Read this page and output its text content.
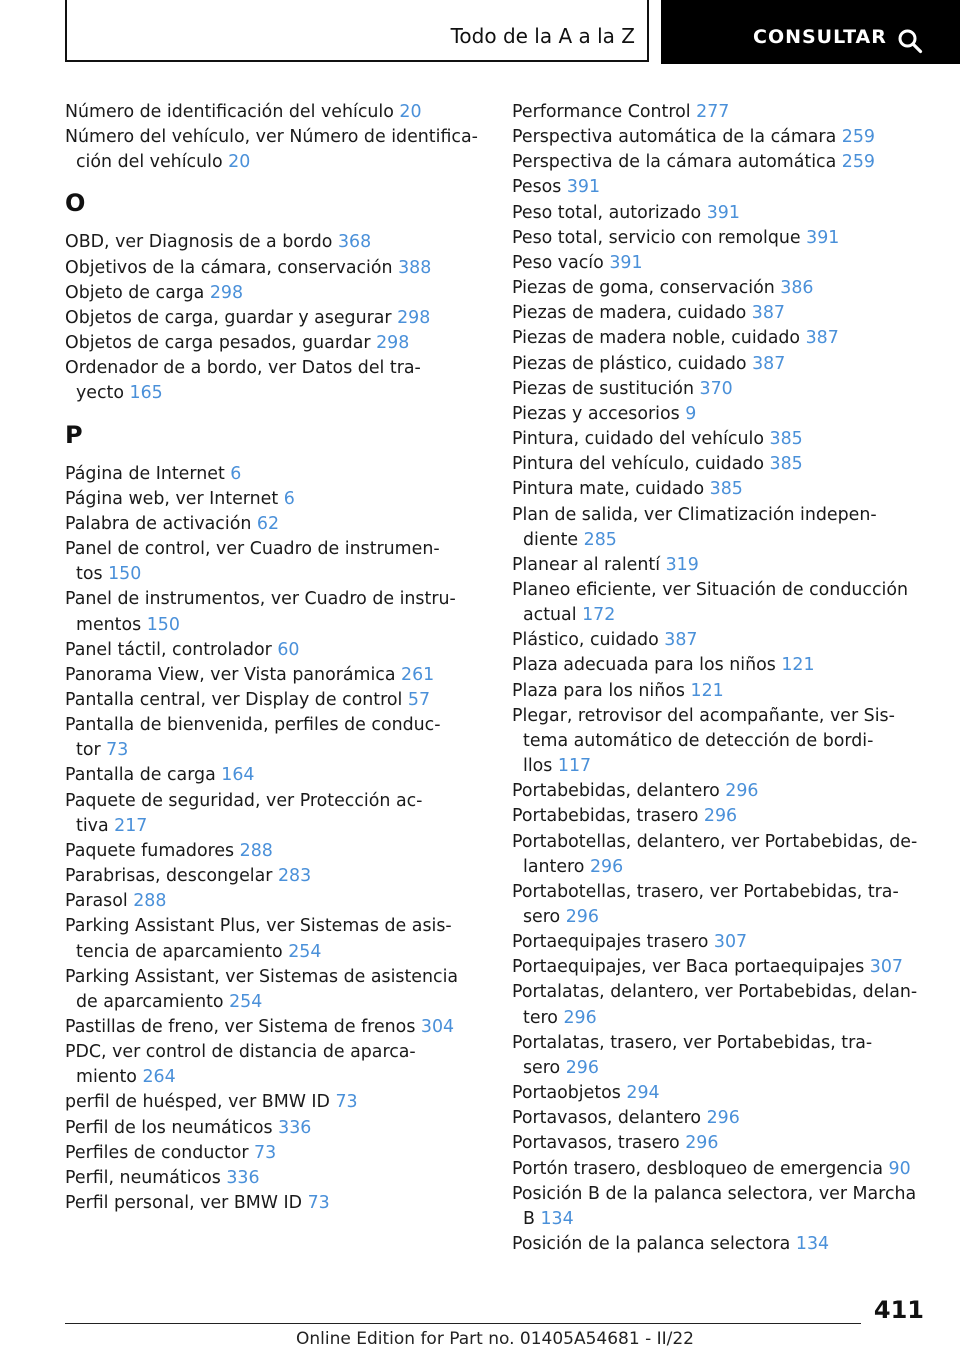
Todo de la A a la Z	CONSULTAR
Número de identificación del vehículo 20
Número del vehículo, ver Número de identifica‐
ción del vehículo 20
O
OBD, ver Diagnosis de a bordo 368
Objetivos de la cámara, conservación 388
Objeto de carga 298
Objetos de carga, guardar y asegurar 298
Objetos de carga pesados, guardar 298
Ordenador de a bordo, ver Datos del tra‐
yecto 165
P
Página de Internet 6
Página web, ver Internet 6
Palabra de activación 62
Panel de control, ver Cuadro de instrumen‐
tos 150
Panel de instrumentos, ver Cuadro de instru‐
mentos 150
Panel táctil, controlador 60
Panorama View, ver Vista panorámica 261
Pantalla central, ver Display de control 57
Pantalla de bienvenida, perfiles de conduc‐
tor 73
Pantalla de carga 164
Paquete de seguridad, ver Protección ac‐
tiva 217
Paquete fumadores 288
Parabrisas, descongelar 283
Parasol 288
Parking Assistant Plus, ver Sistemas de asis‐
tencia de aparcamiento 254
Parking Assistant, ver Sistemas de asistencia
de aparcamiento 254
Pastillas de freno, ver Sistema de frenos 304
PDC, ver control de distancia de aparca‐
miento 264
perfil de huésped, ver BMW ID 73
Perfil de los neumáticos 336
Perfiles de conductor 73
Perfil, neumáticos 336
Perfil personal, ver BMW ID 73
Performance Control 277
Perspectiva automática de la cámara 259
Perspectiva de la cámara automática 259
Pesos 391
Peso total, autorizado 391
Peso total, servicio con remolque 391
Peso vacío 391
Piezas de goma, conservación 386
Piezas de madera, cuidado 387
Piezas de madera noble, cuidado 387
Piezas de plástico, cuidado 387
Piezas de sustitución 370
Piezas y accesorios 9
Pintura, cuidado del vehículo 385
Pintura del vehículo, cuidado 385
Pintura mate, cuidado 385
Plan de salida, ver Climatización indepen‐
diente 285
Planear al ralentí 319
Planeo eficiente, ver Situación de conducción
actual 172
Plástico, cuidado 387
Plaza adecuada para los niños 121
Plaza para los niños 121
Plegar, retrovisor del acompañante, ver Sis‐
tema automático de detección de bordi‐
llos 117
Portabebidas, delantero 296
Portabebidas, trasero 296
Portabotellas, delantero, ver Portabebidas, de‐
lantero 296
Portabotellas, trasero, ver Portabebidas, tra‐
sero 296
Portaequipajes trasero 307
Portaequipajes, ver Baca portaequipajes 307
Portalatas, delantero, ver Portabebidas, delan‐
tero 296
Portalatas, trasero, ver Portabebidas, tra‐
sero 296
Portaobjetos 294
Portavasos, delantero 296
Portavasos, trasero 296
Portón trasero, desbloqueo de emergencia 90
Posición B de la palanca selectora, ver Marcha
B 134
Posición de la palanca selectora 134
411
Online Edition for Part no. 01405A54681 - II/22
